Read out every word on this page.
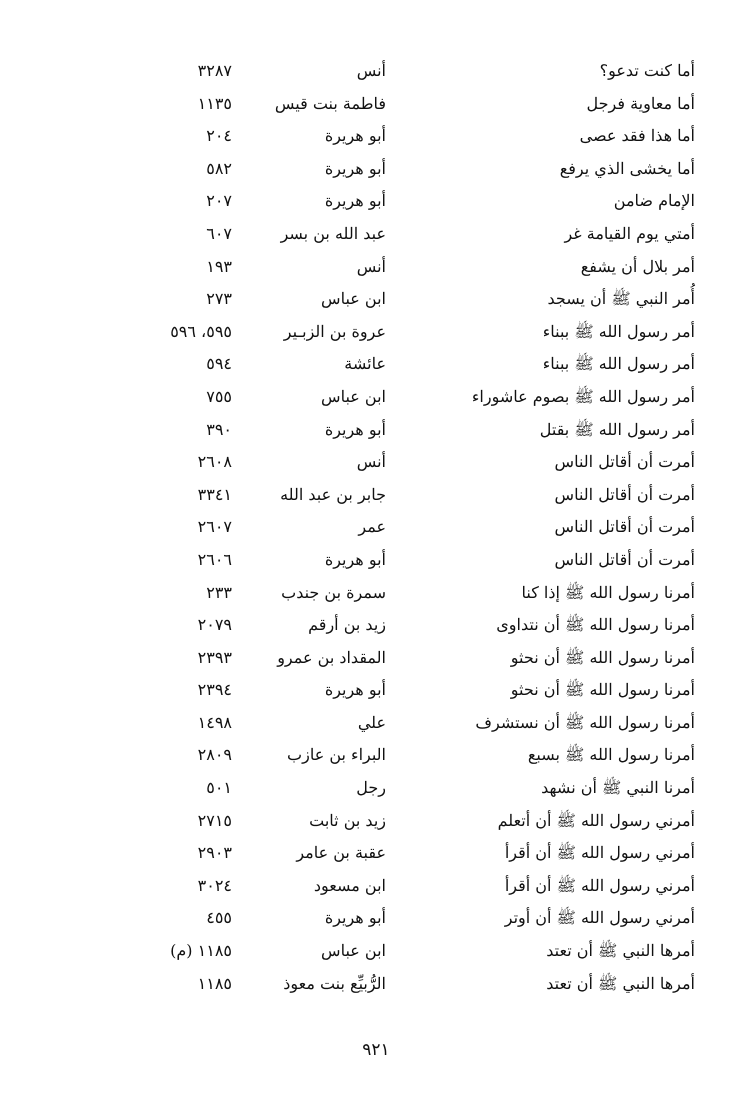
أما كنت تدعو؟
أنس
٣٢٨٧
أما معاوية فرجل
فاطمة بنت قيس
١١٣٥
أما هذا فقد عصى
أبو هريرة
٢٠٤
أما يخشى الذي يرفع
أبو هريرة
٥٨٢
الإمام ضامن
أبو هريرة
٢٠٧
أمتي يوم القيامة غر
عبد الله بن بسر
٦٠٧
أمر بلال أن يشفع
أنس
١٩٣
أُمر النبي ﷺ أن يسجد
ابن عباس
٢٧٣
أمر رسول الله ﷺ ببناء
عروة بن الزبـير
٥٩٥، ٥٩٦
أمر رسول الله ﷺ ببناء
عائشة
٥٩٤
أمر رسول الله ﷺ بصوم عاشوراء
ابن عباس
٧٥٥
أمر رسول الله ﷺ بقتل
أبو هريرة
٣٩٠
أمرت أن أقاتل الناس
أنس
٢٦٠٨
أمرت أن أقاتل الناس
جابر بن عبد الله
٣٣٤١
أمرت أن أقاتل الناس
عمر
٢٦٠٧
أمرت أن أقاتل الناس
أبو هريرة
٢٦٠٦
أمرنا رسول الله ﷺ إذا كنا
سمرة بن جندب
٢٣٣
أمرنا رسول الله ﷺ أن نتداوى
زيد بن أرقم
٢٠٧٩
أمرنا رسول الله ﷺ أن نحثو
المقداد بن عمرو
٢٣٩٣
أمرنا رسول الله ﷺ أن نحثو
أبو هريرة
٢٣٩٤
أمرنا رسول الله ﷺ أن نستشرف
علي
١٤٩٨
أمرنا رسول الله ﷺ بسبع
البراء بن عازب
٢٨٠٩
أمرنا النبي ﷺ أن نشهد
رجل
٥٠١
أمرني رسول الله ﷺ أن أتعلم
زيد بن ثابت
٢٧١٥
أمرني رسول الله ﷺ أن أقرأ
عقبة بن عامر
٢٩٠٣
أمرني رسول الله ﷺ أن أقرأ
ابن مسعود
٣٠٢٤
أمرني رسول الله ﷺ أن أوتر
أبو هريرة
٤٥٥
أمرها النبي ﷺ أن تعتد
ابن عباس
١١٨٥ (م)
أمرها النبي ﷺ أن تعتد
الرُّبيِّع بنت معوذ
١١٨٥
٩٢١
